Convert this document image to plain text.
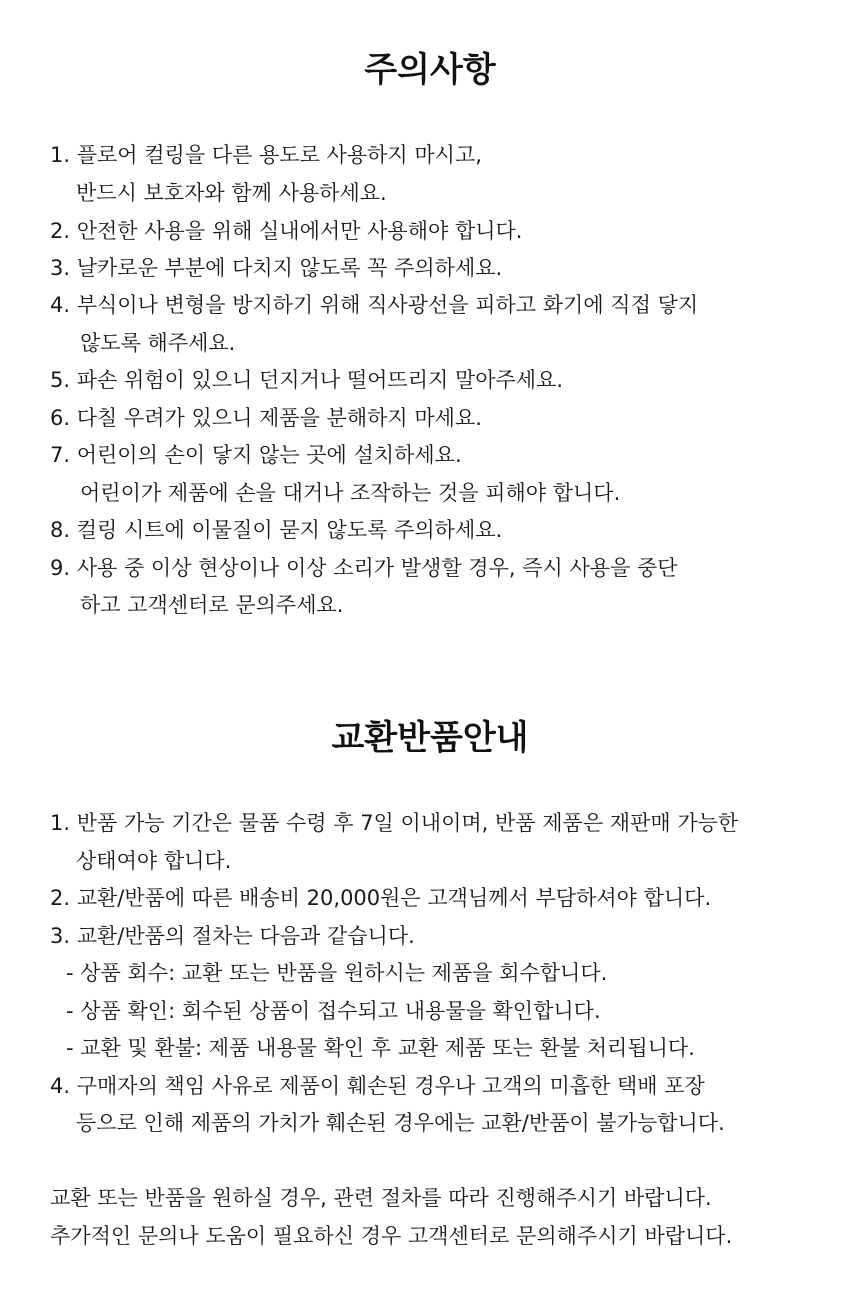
주의사항
1. 플로어 컬링을 다른 용도로 사용하지 마시고,
반드시 보호자와 함께 사용하세요.
2. 안전한 사용을 위해 실내에서만 사용해야 합니다.
3. 날카로운 부분에 다치지 않도록 꼭 주의하세요.
4. 부식이나 변형을 방지하기 위해 직사광선을 피하고 화기에 직접 닿지
않도록 해주세요.
5. 파손 위험이 있으니 던지거나 떨어뜨리지 말아주세요.
6. 다칠 우려가 있으니 제품을 분해하지 마세요.
7. 어린이의 손이 닿지 않는 곳에 설치하세요.
어린이가 제품에 손을 대거나 조작하는 것을 피해야 합니다.
8. 컬링 시트에 이물질이 묻지 않도록 주의하세요.
9. 사용 중 이상 현상이나 이상 소리가 발생할 경우, 즉시 사용을 중단
하고 고객센터로 문의주세요.
교환반품안내
1. 반품 가능 기간은 물품 수령 후 7일 이내이며, 반품 제품은 재판매 가능한
상태여야 합니다.
2. 교환/반품에 따른 배송비 20,000원은 고객님께서 부담하셔야 합니다.
3. 교환/반품의 절차는 다음과 같습니다.
- 상품 회수: 교환 또는 반품을 원하시는 제품을 회수합니다.
- 상품 확인: 회수된 상품이 접수되고 내용물을 확인합니다.
- 교환 및 환불: 제품 내용물 확인 후 교환 제품 또는 환불 처리됩니다.
4. 구매자의 책임 사유로 제품이 훼손된 경우나 고객의 미흡한 택배 포장
등으로 인해 제품의 가치가 훼손된 경우에는 교환/반품이 불가능합니다.
교환 또는 반품을 원하실 경우, 관련 절차를 따라 진행해주시기 바랍니다.
추가적인 문의나 도움이 필요하신 경우 고객센터로 문의해주시기 바랍니다.
